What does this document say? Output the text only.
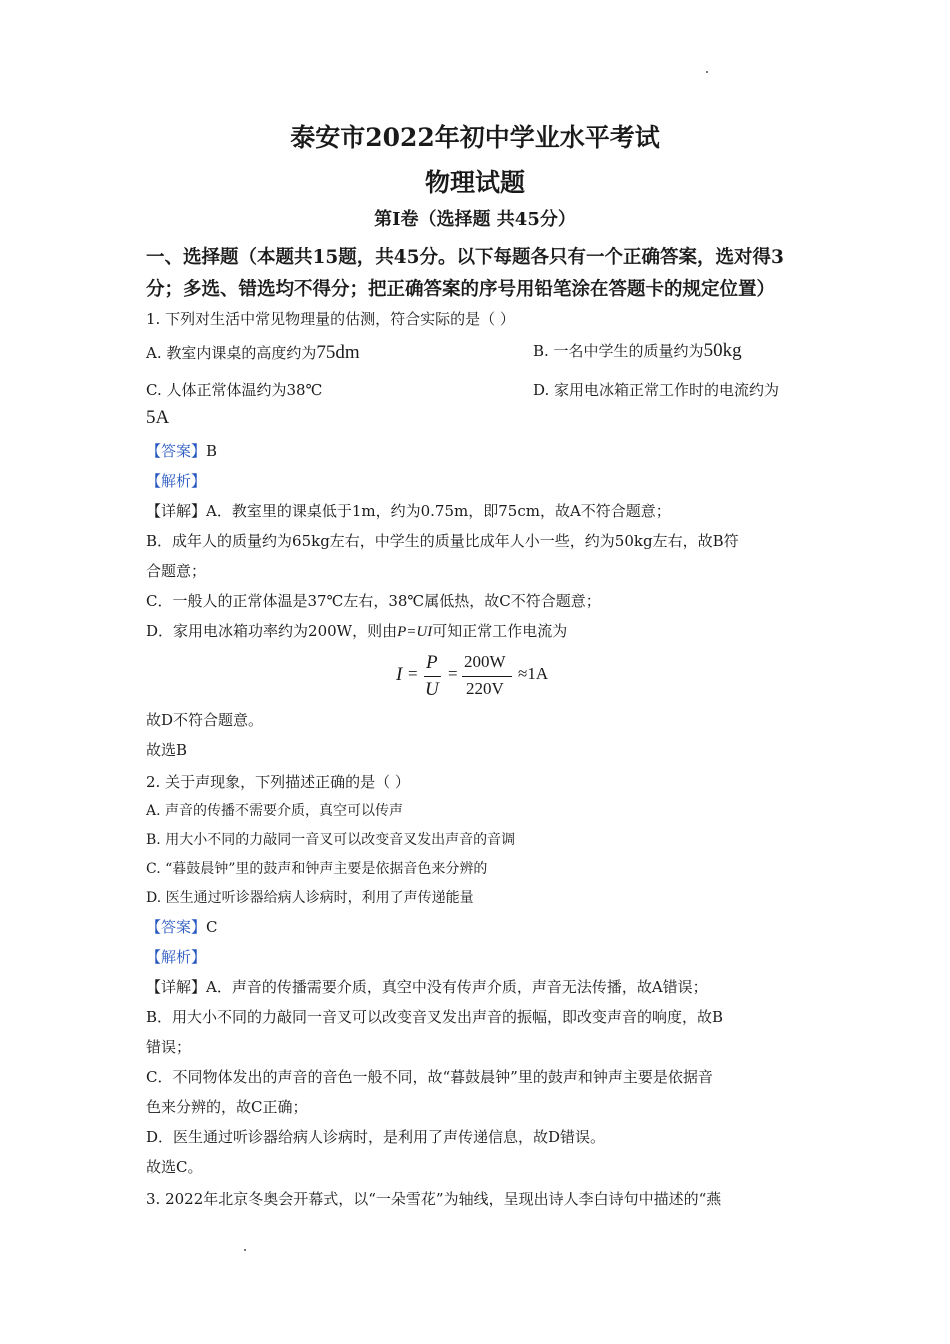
泰安市2022年初中学业水平考试
物理试题
第Ⅰ卷（选择题 共45分）
一、选择题（本题共15题，共45分。以下每题各只有一个正确答案，选对得3
分；多选、错选均不得分；把正确答案的序号用铅笔涂在答题卡的规定位置）
1. 下列对生活中常见物理量的估测，符合实际的是（ ）
A. 教室内课桌的高度约为75dm	B. 一名中学生的质量约为50kg
C. 人体正常体温约为38℃	D. 家用电冰箱正常工作时的电流约为
5A
【答案】B
【解析】
【详解】A．教室里的课桌低于1m，约为0.75m，即75cm，故A不符合题意；
B．成年人的质量约为65kg左右，中学生的质量比成年人小一些，约为50kg左右，故B符
合题意；
C．一般人的正常体温是37℃左右，38℃属低热，故C不符合题意；
D．家用电冰箱功率约为200W，则由P=UI可知正常工作电流为
I =
P
U
=
200W
220V
≈1A
故D不符合题意。
故选B
2. 关于声现象，下列描述正确的是（ ）
A. 声音的传播不需要介质，真空可以传声
B. 用大小不同的力敲同一音叉可以改变音叉发出声音的音调
C. “暮鼓晨钟”里的鼓声和钟声主要是依据音色来分辨的
D. 医生通过听诊器给病人诊病时，利用了声传递能量
【答案】C
【解析】
【详解】A．声音的传播需要介质，真空中没有传声介质，声音无法传播，故A错误；
B．用大小不同的力敲同一音叉可以改变音叉发出声音的振幅，即改变声音的响度，故B
错误；
C．不同物体发出的声音的音色一般不同，故“暮鼓晨钟”里的鼓声和钟声主要是依据音
色来分辨的，故C正确；
D．医生通过听诊器给病人诊病时，是利用了声传递信息，故D错误。
故选C。
3. 2022年北京冬奥会开幕式，以“一朵雪花”为轴线，呈现出诗人李白诗句中描述的“燕
